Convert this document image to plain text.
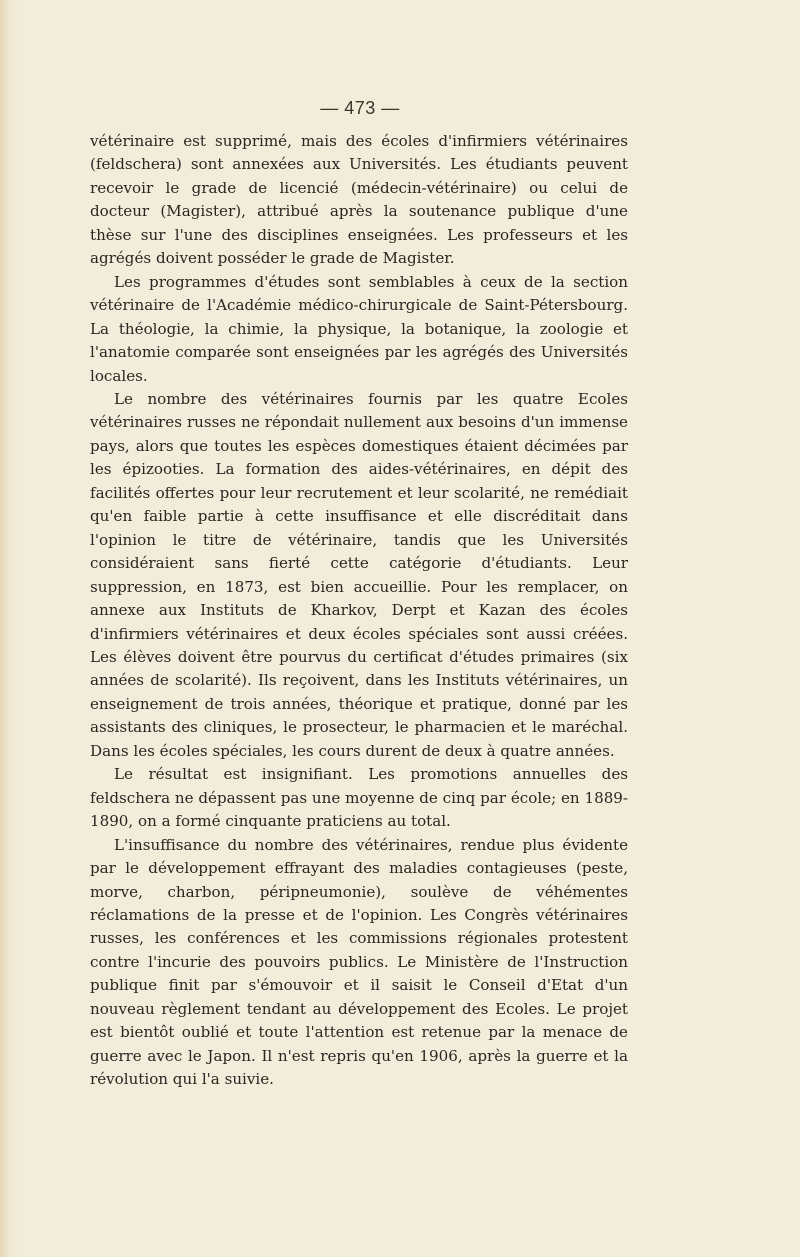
— 473 —

vétérinaire est supprimé, mais des écoles d'infirmiers vétérinaires (feldschera) sont annexées aux Universités. Les étudiants peuvent recevoir le grade de licencié (médecin-vétérinaire) ou celui de docteur (Magister), attribué après la soutenance publique d'une thèse sur l'une des disciplines enseignées. Les professeurs et les agrégés doivent posséder le grade de Magister.

Les programmes d'études sont semblables à ceux de la section vétérinaire de l'Académie médico-chirurgicale de Saint-Pétersbourg. La théologie, la chimie, la physique, la botanique, la zoologie et l'anatomie comparée sont enseignées par les agrégés des Universités locales.

Le nombre des vétérinaires fournis par les quatre Ecoles vétérinaires russes ne répondait nullement aux besoins d'un immense pays, alors que toutes les espèces domestiques étaient décimées par les épizooties. La formation des aides-vétérinaires, en dépit des facilités offertes pour leur recrutement et leur scolarité, ne remédiait qu'en faible partie à cette insuffisance et elle discréditait dans l'opinion le titre de vétérinaire, tandis que les Universités considéraient sans fierté cette catégorie d'étudiants. Leur suppression, en 1873, est bien accueillie. Pour les remplacer, on annexe aux Instituts de Kharkov, Derpt et Kazan des écoles d'infirmiers vétérinaires et deux écoles spéciales sont aussi créées. Les élèves doivent être pourvus du certificat d'études primaires (six années de scolarité). Ils reçoivent, dans les Instituts vétérinaires, un enseignement de trois années, théorique et pratique, donné par les assistants des cliniques, le prosecteur, le pharmacien et le maréchal. Dans les écoles spéciales, les cours durent de deux à quatre années.

Le résultat est insignifiant. Les promotions annuelles des feldschera ne dépassent pas une moyenne de cinq par école; en 1889-1890, on a formé cinquante praticiens au total.

L'insuffisance du nombre des vétérinaires, rendue plus évidente par le développement effrayant des maladies contagieuses (peste, morve, charbon, péripneumonie), soulève de véhémentes réclamations de la presse et de l'opinion. Les Congrès vétérinaires russes, les conférences et les commissions régionales protestent contre l'incurie des pouvoirs publics. Le Ministère de l'Instruction publique finit par s'émouvoir et il saisit le Conseil d'Etat d'un nouveau règlement tendant au développement des Ecoles. Le projet est bientôt oublié et toute l'attention est retenue par la menace de guerre avec le Japon. Il n'est repris qu'en 1906, après la guerre et la révolution qui l'a suivie.
